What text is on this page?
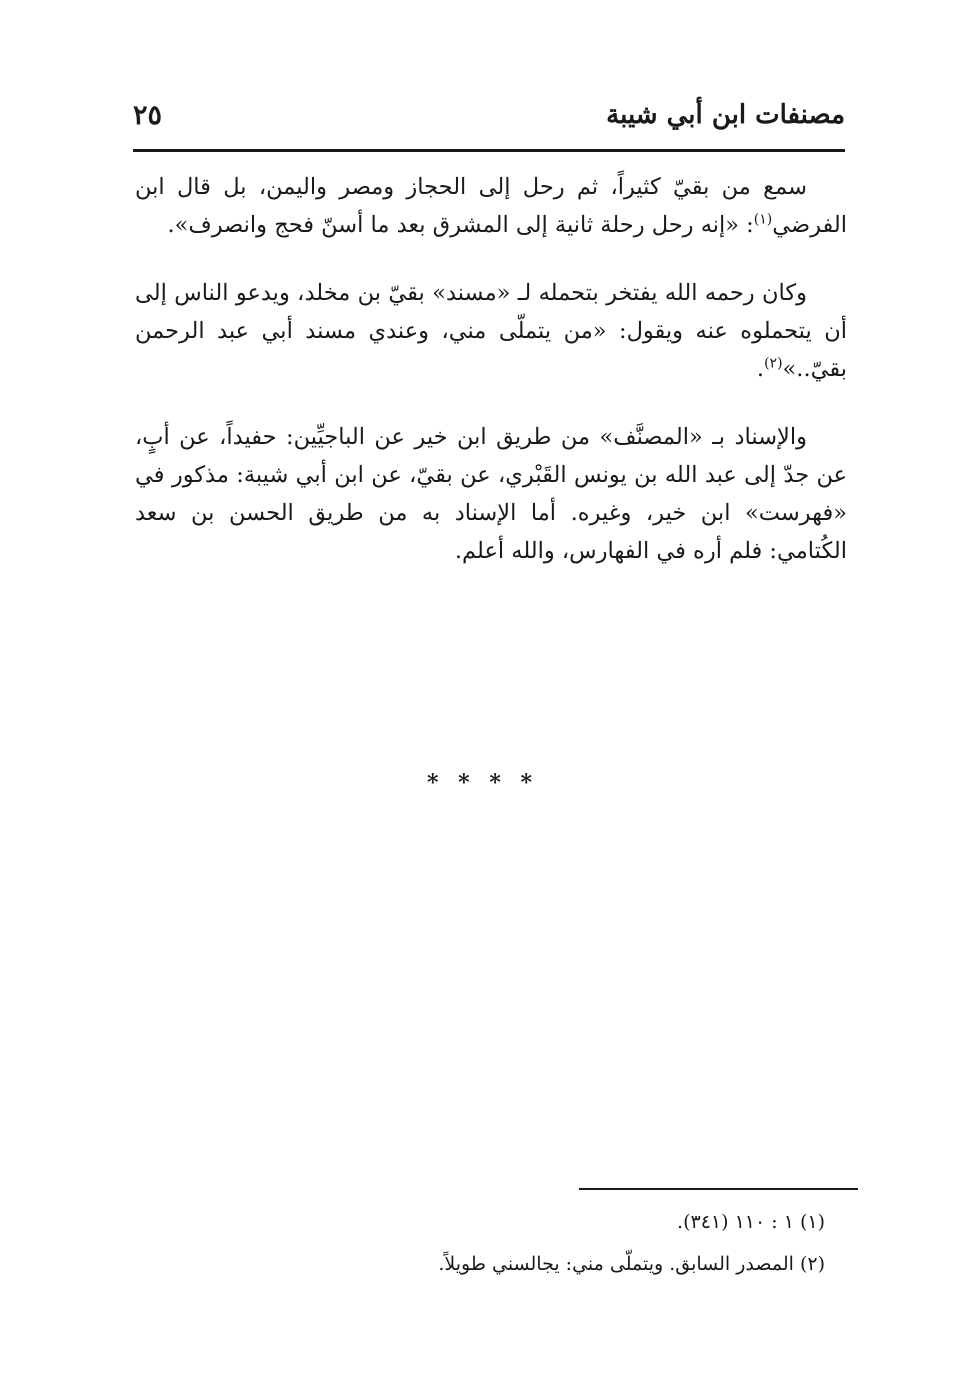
مصنفات ابن أبي شيبة
٢٥

سمع من بقيّ كثيراً، ثم رحل إلى الحجاز ومصر واليمن، بل قال ابن الفرضي$^{(١)}$: «إنه رحل رحلة ثانية إلى المشرق بعد ما أسنّ فحج وانصرف».

وكان رحمه الله يفتخر بتحمله لـ «مسند» بقيّ بن مخلد، ويدعو الناس إلى أن يتحملوه عنه ويقول: «من يتملّى مني، وعندي مسند أبي عبد الرحمن بقيّ..»$^{(٢)}$.

والإسناد بـ «المصنَّف» من طريق ابن خير عن الباجيِّين: حفيداً، عن أبٍ، عن جدّ إلى عبد الله بن يونس القَبْري، عن بقيّ، عن ابن أبي شيبة: مذكور في «فهرست» ابن خير، وغيره. أما الإسناد به من طريق الحسن بن سعد الكُتامي: فلم أره في الفهارس، والله أعلم.

* * * *
(١) ١ : ١١٠ (٣٤١).
(٢) المصدر السابق. ويتملّى مني: يجالسني طويلاً.
